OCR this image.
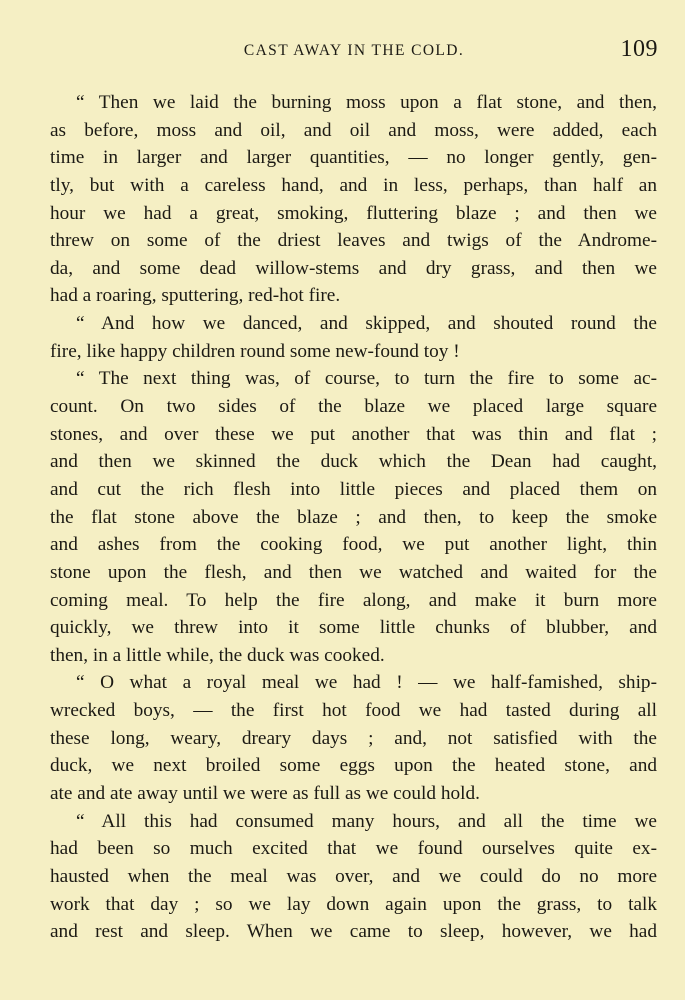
CAST AWAY IN THE COLD.	109
“ Then we laid the burning moss upon a flat stone, and then,
as before, moss and oil, and oil and moss, were added, each
time in larger and larger quantities, — no longer gently, gen-
tly, but with a careless hand, and in less, perhaps, than half an
hour we had a great, smoking, fluttering blaze ; and then we
threw on some of the driest leaves and twigs of the Androme-
da, and some dead willow-stems and dry grass, and then we
had a roaring, sputtering, red-hot fire.
“ And how we danced, and skipped, and shouted round the
fire, like happy children round some new-found toy !
“ The next thing was, of course, to turn the fire to some ac-
count. On two sides of the blaze we placed large square
stones, and over these we put another that was thin and flat ;
and then we skinned the duck which the Dean had caught,
and cut the rich flesh into little pieces and placed them on
the flat stone above the blaze ; and then, to keep the smoke
and ashes from the cooking food, we put another light, thin
stone upon the flesh, and then we watched and waited for the
coming meal. To help the fire along, and make it burn more
quickly, we threw into it some little chunks of blubber, and
then, in a little while, the duck was cooked.
“ O what a royal meal we had ! — we half-famished, ship-
wrecked boys, — the first hot food we had tasted during all
these long, weary, dreary days ; and, not satisfied with the
duck, we next broiled some eggs upon the heated stone, and
ate and ate away until we were as full as we could hold.
“ All this had consumed many hours, and all the time we
had been so much excited that we found ourselves quite ex-
hausted when the meal was over, and we could do no more
work that day ; so we lay down again upon the grass, to talk
and rest and sleep. When we came to sleep, however, we had
